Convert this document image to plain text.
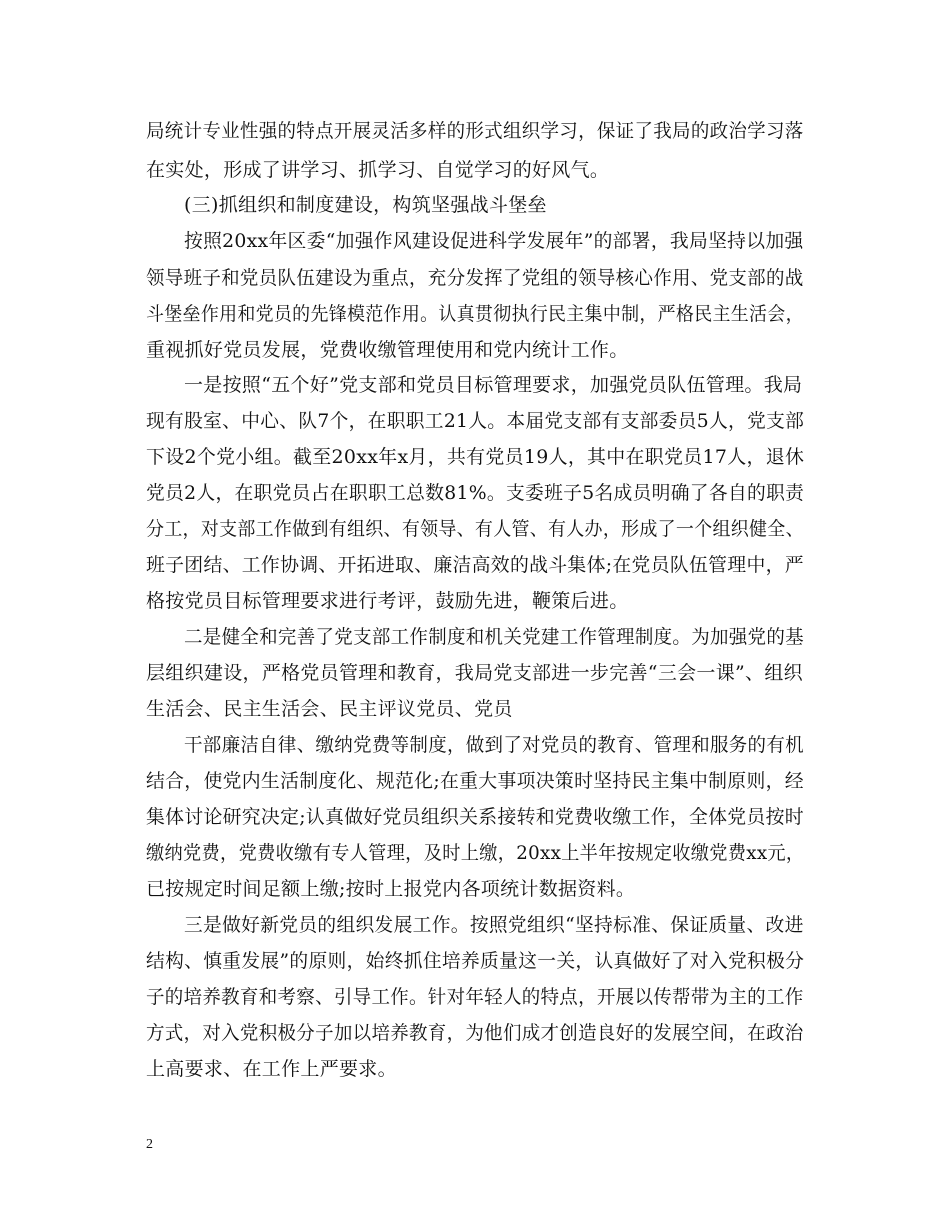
局统计专业性强的特点开展灵活多样的形式组织学习，保证了我局的政治学习落
在实处，形成了讲学习、抓学习、自觉学习的好风气。
(三)抓组织和制度建设，构筑坚强战斗堡垒
按照20xx年区委“加强作风建设促进科学发展年”的部署，我局坚持以加强
领导班子和党员队伍建设为重点，充分发挥了党组的领导核心作用、党支部的战
斗堡垒作用和党员的先锋模范作用。认真贯彻执行民主集中制，严格民主生活会，
重视抓好党员发展，党费收缴管理使用和党内统计工作。
一是按照“五个好”党支部和党员目标管理要求，加强党员队伍管理。我局
现有股室、中心、队7个，在职职工21人。本届党支部有支部委员5人，党支部
下设2个党小组。截至20xx年x月，共有党员19人，其中在职党员17人，退休
党员2人，在职党员占在职职工总数81%。支委班子5名成员明确了各自的职责
分工，对支部工作做到有组织、有领导、有人管、有人办，形成了一个组织健全、
班子团结、工作协调、开拓进取、廉洁高效的战斗集体;在党员队伍管理中，严
格按党员目标管理要求进行考评，鼓励先进，鞭策后进。
二是健全和完善了党支部工作制度和机关党建工作管理制度。为加强党的基
层组织建设，严格党员管理和教育，我局党支部进一步完善“三会一课”、组织
生活会、民主生活会、民主评议党员、党员
干部廉洁自律、缴纳党费等制度，做到了对党员的教育、管理和服务的有机
结合，使党内生活制度化、规范化;在重大事项决策时坚持民主集中制原则，经
集体讨论研究决定;认真做好党员组织关系接转和党费收缴工作，全体党员按时
缴纳党费，党费收缴有专人管理，及时上缴，20xx上半年按规定收缴党费xx元，
已按规定时间足额上缴;按时上报党内各项统计数据资料。
三是做好新党员的组织发展工作。按照党组织“坚持标准、保证质量、改进
结构、慎重发展”的原则，始终抓住培养质量这一关，认真做好了对入党积极分
子的培养教育和考察、引导工作。针对年轻人的特点，开展以传帮带为主的工作
方式，对入党积极分子加以培养教育，为他们成才创造良好的发展空间，在政治
上高要求、在工作上严要求。
2
